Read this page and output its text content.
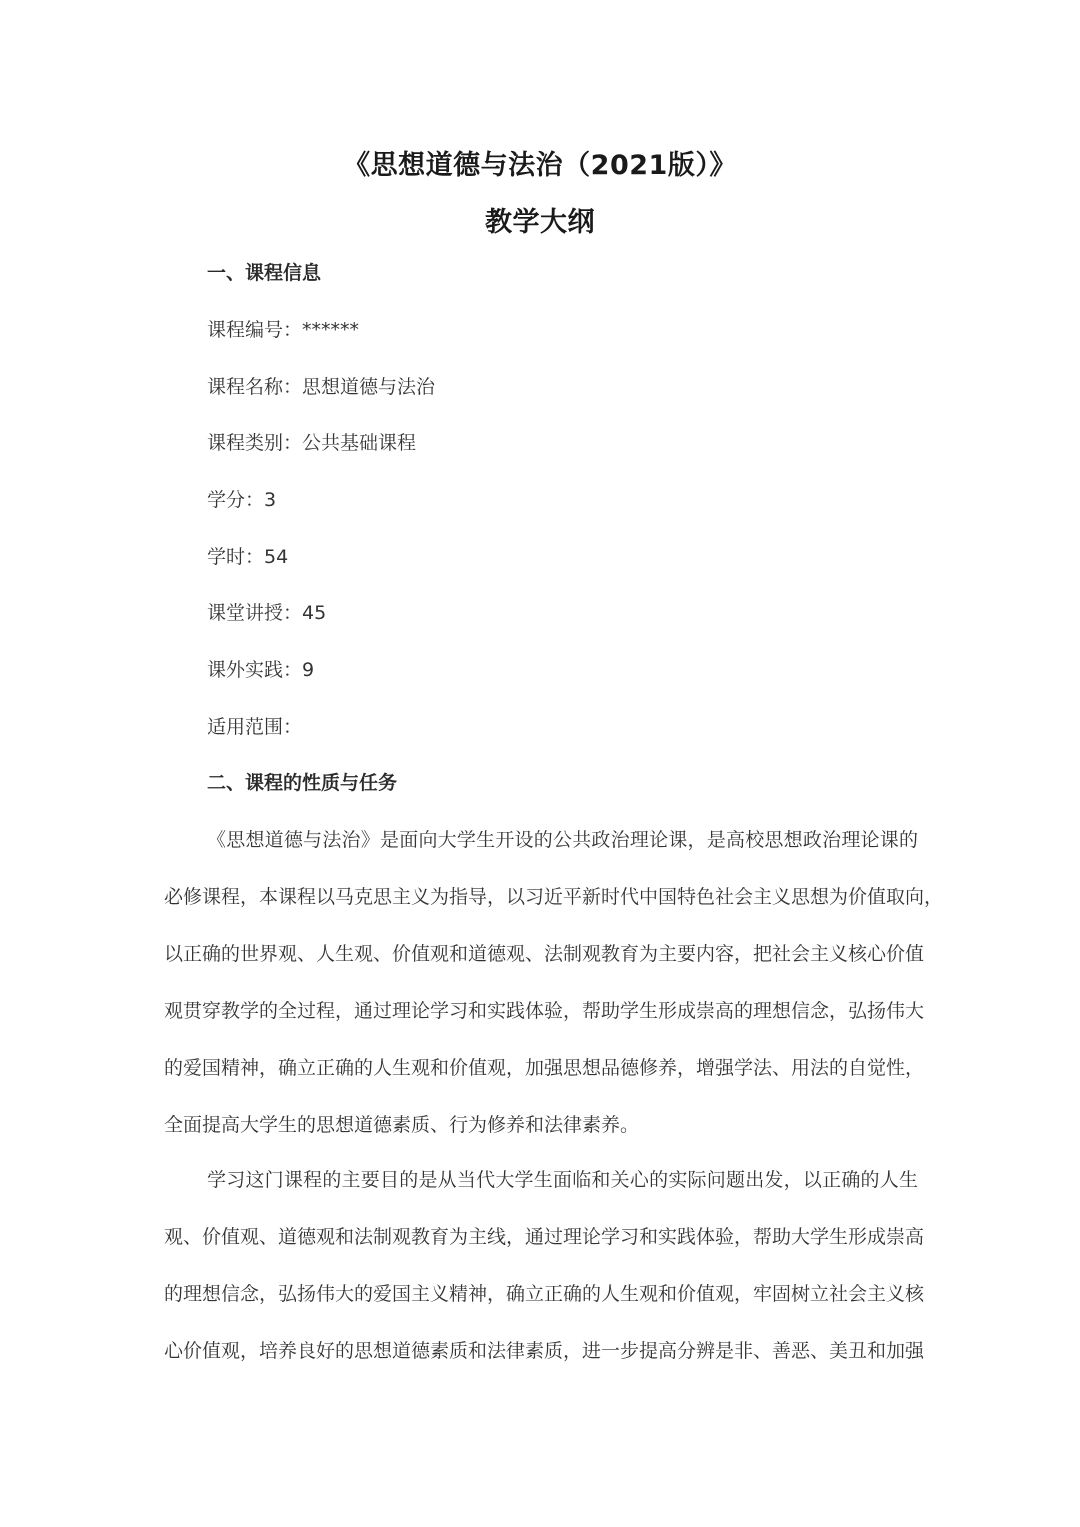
《思想道德与法治（2021版）》
教学大纲
一、课程信息
课程编号：******
课程名称：思想道德与法治
课程类别：公共基础课程
学分：3
学时：54
课堂讲授：45
课外实践：9
适用范围：
二、课程的性质与任务
《思想道德与法治》是面向大学生开设的公共政治理论课，是高校思想政治理论课的
必修课程，本课程以马克思主义为指导，以习近平新时代中国特色社会主义思想为价值取向，
以正确的世界观、人生观、价值观和道德观、法制观教育为主要内容，把社会主义核心价值
观贯穿教学的全过程，通过理论学习和实践体验，帮助学生形成崇高的理想信念，弘扬伟大
的爱国精神，确立正确的人生观和价值观，加强思想品德修养，增强学法、用法的自觉性，
全面提高大学生的思想道德素质、行为修养和法律素养。
学习这门课程的主要目的是从当代大学生面临和关心的实际问题出发，以正确的人生
观、价值观、道德观和法制观教育为主线，通过理论学习和实践体验，帮助大学生形成崇高
的理想信念，弘扬伟大的爱国主义精神，确立正确的人生观和价值观，牢固树立社会主义核
心价值观，培养良好的思想道德素质和法律素质，进一步提高分辨是非、善恶、美丑和加强
